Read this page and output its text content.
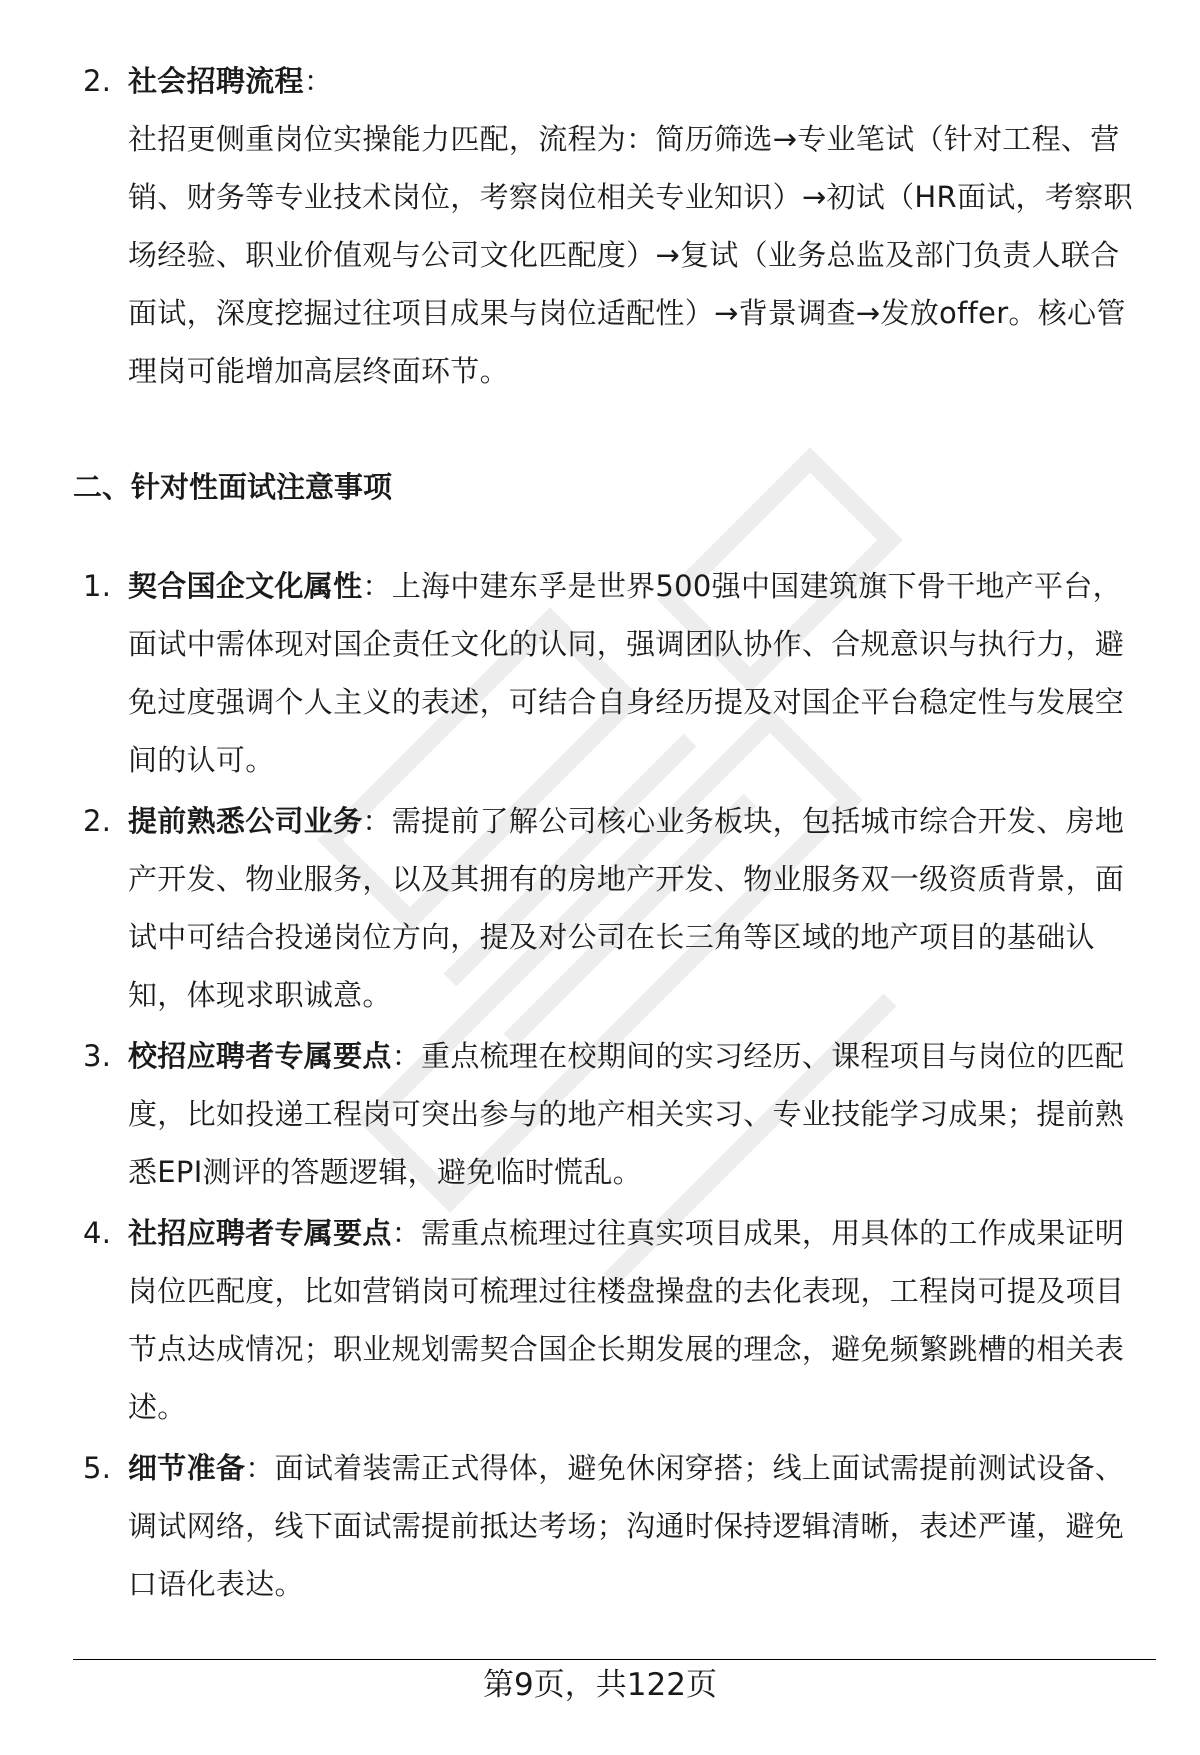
2. 社会招聘流程：
社招更侧重岗位实操能力匹配，流程为：简历筛选→专业笔试（针对工程、营
销、财务等专业技术岗位，考察岗位相关专业知识）→初试（HR面试，考察职
场经验、职业价值观与公司文化匹配度）→复试（业务总监及部门负责人联合
面试，深度挖掘过往项目成果与岗位适配性）→背景调查→发放offer。核心管
理岗可能增加高层终面环节。
二、针对性面试注意事项
1. 契合国企文化属性：上海中建东孚是世界500强中国建筑旗下骨干地产平台，
面试中需体现对国企责任文化的认同，强调团队协作、合规意识与执行力，避
免过度强调个人主义的表述，可结合自身经历提及对国企平台稳定性与发展空
间的认可。
2. 提前熟悉公司业务：需提前了解公司核心业务板块，包括城市综合开发、房地
产开发、物业服务，以及其拥有的房地产开发、物业服务双一级资质背景，面
试中可结合投递岗位方向，提及对公司在长三角等区域的地产项目的基础认
知，体现求职诚意。
3. 校招应聘者专属要点：重点梳理在校期间的实习经历、课程项目与岗位的匹配
度，比如投递工程岗可突出参与的地产相关实习、专业技能学习成果；提前熟
悉EPI测评的答题逻辑，避免临时慌乱。
4. 社招应聘者专属要点：需重点梳理过往真实项目成果，用具体的工作成果证明
岗位匹配度，比如营销岗可梳理过往楼盘操盘的去化表现，工程岗可提及项目
节点达成情况；职业规划需契合国企长期发展的理念，避免频繁跳槽的相关表
述。
5. 细节准备：面试着装需正式得体，避免休闲穿搭；线上面试需提前测试设备、
调试网络，线下面试需提前抵达考场；沟通时保持逻辑清晰，表述严谨，避免
口语化表达。
第9页，共122页
